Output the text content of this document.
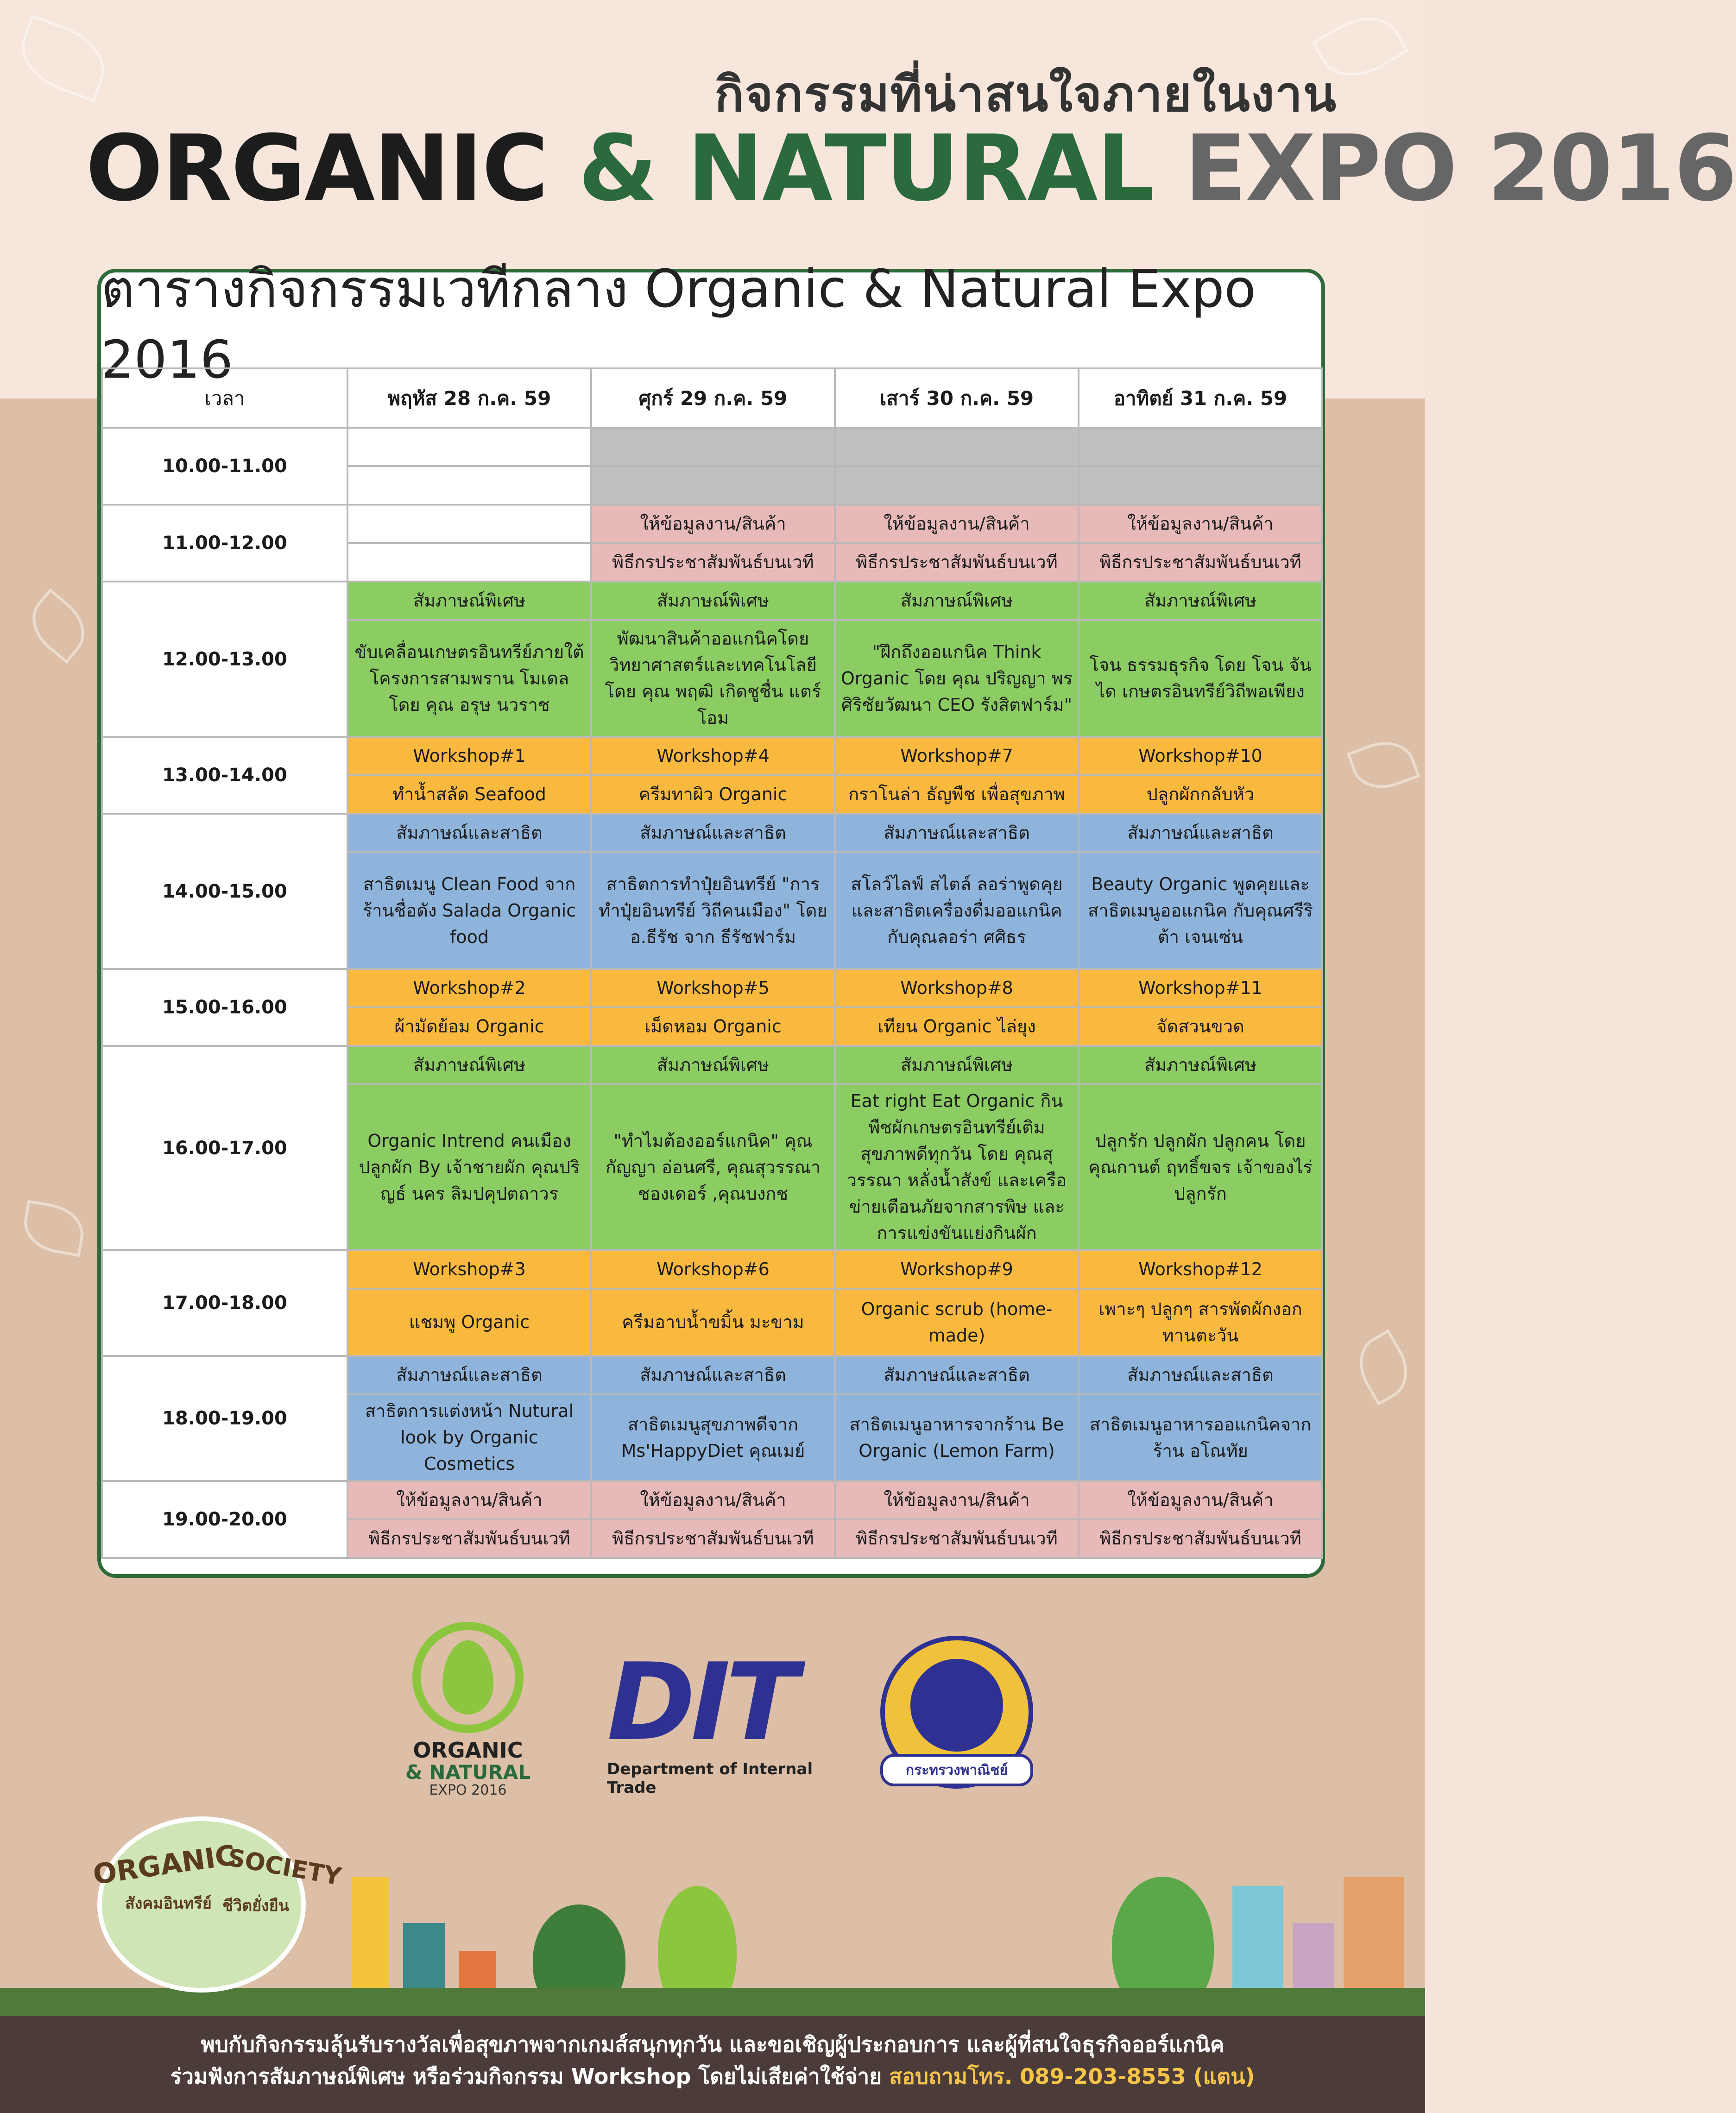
กิจกรรมที่น่าสนใจภายในงาน
ORGANIC & NATURAL EXPO 2016
ตารางกิจกรรมเวทีกลาง Organic & Natural Expo 2016
เวลา	พฤหัส 28 ก.ค. 59	ศุกร์ 29 ก.ค. 59	เสาร์ 30 ก.ค. 59	อาทิตย์ 31 ก.ค. 59
10.00-11.00				

11.00-12.00		ให้ข้อมูลงาน/สินค้า	ให้ข้อมูลงาน/สินค้า	ให้ข้อมูลงาน/สินค้า
		พิธีกรประชาสัมพันธ์บนเวที	พิธีกรประชาสัมพันธ์บนเวที	พิธีกรประชาสัมพันธ์บนเวที
12.00-13.00	สัมภาษณ์พิเศษ	สัมภาษณ์พิเศษ	สัมภาษณ์พิเศษ	สัมภาษณ์พิเศษ
	ขับเคลื่อนเกษตรอินทรีย์ภายใต้โครงการสามพราน โมเดล โดย คุณ อรุษ นวราช	พัฒนาสินค้าออแกนิคโดยวิทยาศาสตร์และเทคโนโลยี โดย คุณ พฤฒิ เกิดชูชื่น แตร์โอม	"ฝึกถึงออแกนิค Think Organic โดย คุณ ปริญญา พรศิริชัยวัฒนา CEO รังสิตฟาร์ม"	โจน ธรรมธุรกิจ โดย โจน จันได เกษตรอินทรีย์วิถีพอเพียง
13.00-14.00	Workshop#1	Workshop#4	Workshop#7	Workshop#10
	ทำน้ำสลัด Seafood	ครีมทาผิว Organic	กราโนล่า ธัญพืช เพื่อสุขภาพ	ปลูกผักกลับหัว
14.00-15.00	สัมภาษณ์และสาธิต	สัมภาษณ์และสาธิต	สัมภาษณ์และสาธิต	สัมภาษณ์และสาธิต
	สาธิตเมนู Clean Food จากร้านชื่อดัง Salada Organic food	สาธิตการทำปุ๋ยอินทรีย์ "การทำปุ๋ยอินทรีย์ วิถีคนเมือง" โดย อ.ธีรัช จาก ธีรัชฟาร์ม	สโลว์ไลฟ์ สไตล์ ลอร่าพูดคุยและสาธิตเครื่องดื่มออแกนิค กับคุณลอร่า ศศิธร	Beauty Organic พูดคุยและสาธิตเมนูออแกนิค กับคุณศรีริต้า เจนเซ่น
15.00-16.00	Workshop#2	Workshop#5	Workshop#8	Workshop#11
	ผ้ามัดย้อม Organic	เม็ดหอม Organic	เทียน Organic ไล่ยุง	จัดสวนขวด
16.00-17.00	สัมภาษณ์พิเศษ	สัมภาษณ์พิเศษ	สัมภาษณ์พิเศษ	สัมภาษณ์พิเศษ
	Organic Intrend คนเมืองปลูกผัก By เจ้าชายผัก คุณปริญธ์ นคร ลิมปคุปตถาวร	"ทำไมต้องออร์แกนิค" คุณกัญญา อ่อนศรี, คุณสุวรรณา ชองเดอร์ ,คุณบงกช	Eat right Eat Organic กินพืชผักเกษตรอินทรีย์เติมสุขภาพดีทุกวัน โดย คุณสุวรรณา หลั่งน้ำสังข์ และเครือข่ายเตือนภัยจากสารพิษ และการแข่งขันแย่งกินผัก	ปลูกรัก ปลูกผัก ปลูกคน โดย คุณกานต์ ฤทธิ์ขจร เจ้าของไร่ปลูกรัก
17.00-18.00	Workshop#3	Workshop#6	Workshop#9	Workshop#12
	แชมพู Organic	ครีมอาบน้ำขมิ้น มะขาม	Organic scrub (home-made)	เพาะๆ ปลูกๆ สารพัดผักงอก ทานตะวัน
18.00-19.00	สัมภาษณ์และสาธิต	สัมภาษณ์และสาธิต	สัมภาษณ์และสาธิต	สัมภาษณ์และสาธิต
	สาธิตการแต่งหน้า Nutural look by Organic Cosmetics	สาธิตเมนูสุขภาพดีจาก Ms'HappyDiet คุณเมย์	สาธิตเมนูอาหารจากร้าน Be Organic (Lemon Farm)	สาธิตเมนูอาหารออแกนิคจากร้าน อโณทัย
19.00-20.00	ให้ข้อมูลงาน/สินค้า	ให้ข้อมูลงาน/สินค้า	ให้ข้อมูลงาน/สินค้า	ให้ข้อมูลงาน/สินค้า
	พิธีกรประชาสัมพันธ์บนเวที	พิธีกรประชาสัมพันธ์บนเวที	พิธีกรประชาสัมพันธ์บนเวที	พิธีกรประชาสัมพันธ์บนเวที
ORGANIC
& NATURAL
EXPO 2016
DIT
Department of Internal Trade
กระทรวงพาณิชย์
ORGANIC
SOCIETY
สังคมอินทรีย์ ชีวิตยั่งยืน
พบกับกิจกรรมลุ้นรับรางวัลเพื่อสุขภาพจากเกมส์สนุกทุกวัน และขอเชิญผู้ประกอบการ และผู้ที่สนใจธุรกิจออร์แกนิค
ร่วมฟังการสัมภาษณ์พิเศษ หรือร่วมกิจกรรม Workshop โดยไม่เสียค่าใช้จ่าย สอบถามโทร. 089-203-8553 (แตน)
